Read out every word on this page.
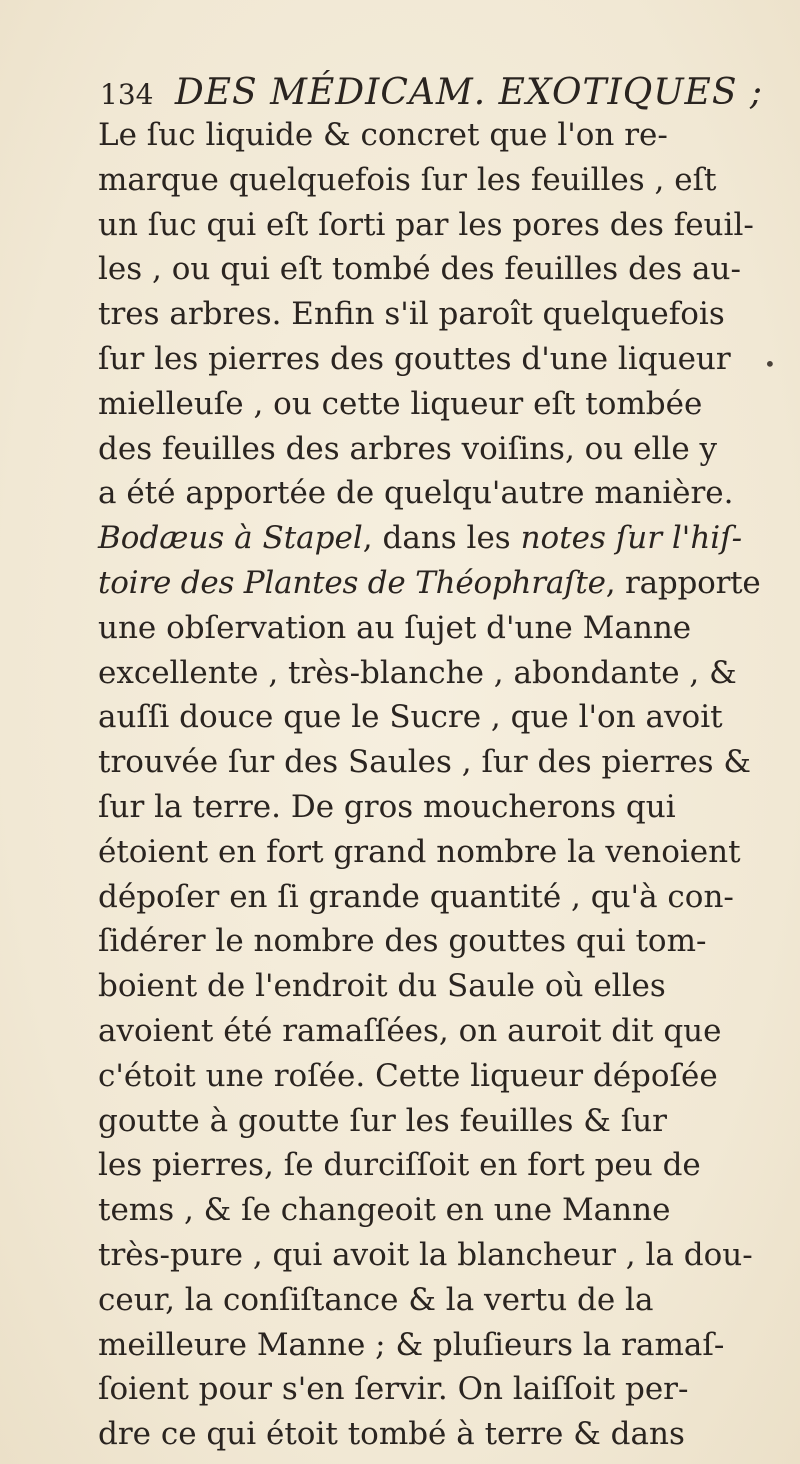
134 DES MÉDICAM. EXOTIQUES ;
Le ſuc liquide & concret que l'on re-
marque quelquefois ſur les feuilles , eſt
un ſuc qui eſt ſorti par les pores des feuil-
les , ou qui eſt tombé des feuilles des au-
tres arbres. Enfin s'il paroît quelquefois
ſur les pierres des gouttes d'une liqueur
mielleuſe , ou cette liqueur eſt tombée
des feuilles des arbres voiſins, ou elle y
a été apportée de quelqu'autre manière.
Bodæus à Stapel, dans les notes ſur l'hiſ-
toire des Plantes de Théophraſte, rapporte
une obſervation au ſujet d'une Manne
excellente , très-blanche , abondante , &
auſſi douce que le Sucre , que l'on avoit
trouvée ſur des Saules , ſur des pierres &
ſur la terre. De gros moucherons qui
étoient en fort grand nombre la venoient
dépoſer en ſi grande quantité , qu'à con-
ſidérer le nombre des gouttes qui tom-
boient de l'endroit du Saule où elles
avoient été ramaſſées, on auroit dit que
c'étoit une roſée. Cette liqueur dépoſée
goutte à goutte ſur les feuilles & ſur
les pierres, ſe durciſſoit en fort peu de
tems , & ſe changeoit en une Manne
très-pure , qui avoit la blancheur , la dou-
ceur, la conſiſtance & la vertu de la
meilleure Manne ; & pluſieurs la ramaſ-
ſoient pour s'en ſervir. On laiſſoit per-
dre ce qui étoit tombé à terre & dans
•
